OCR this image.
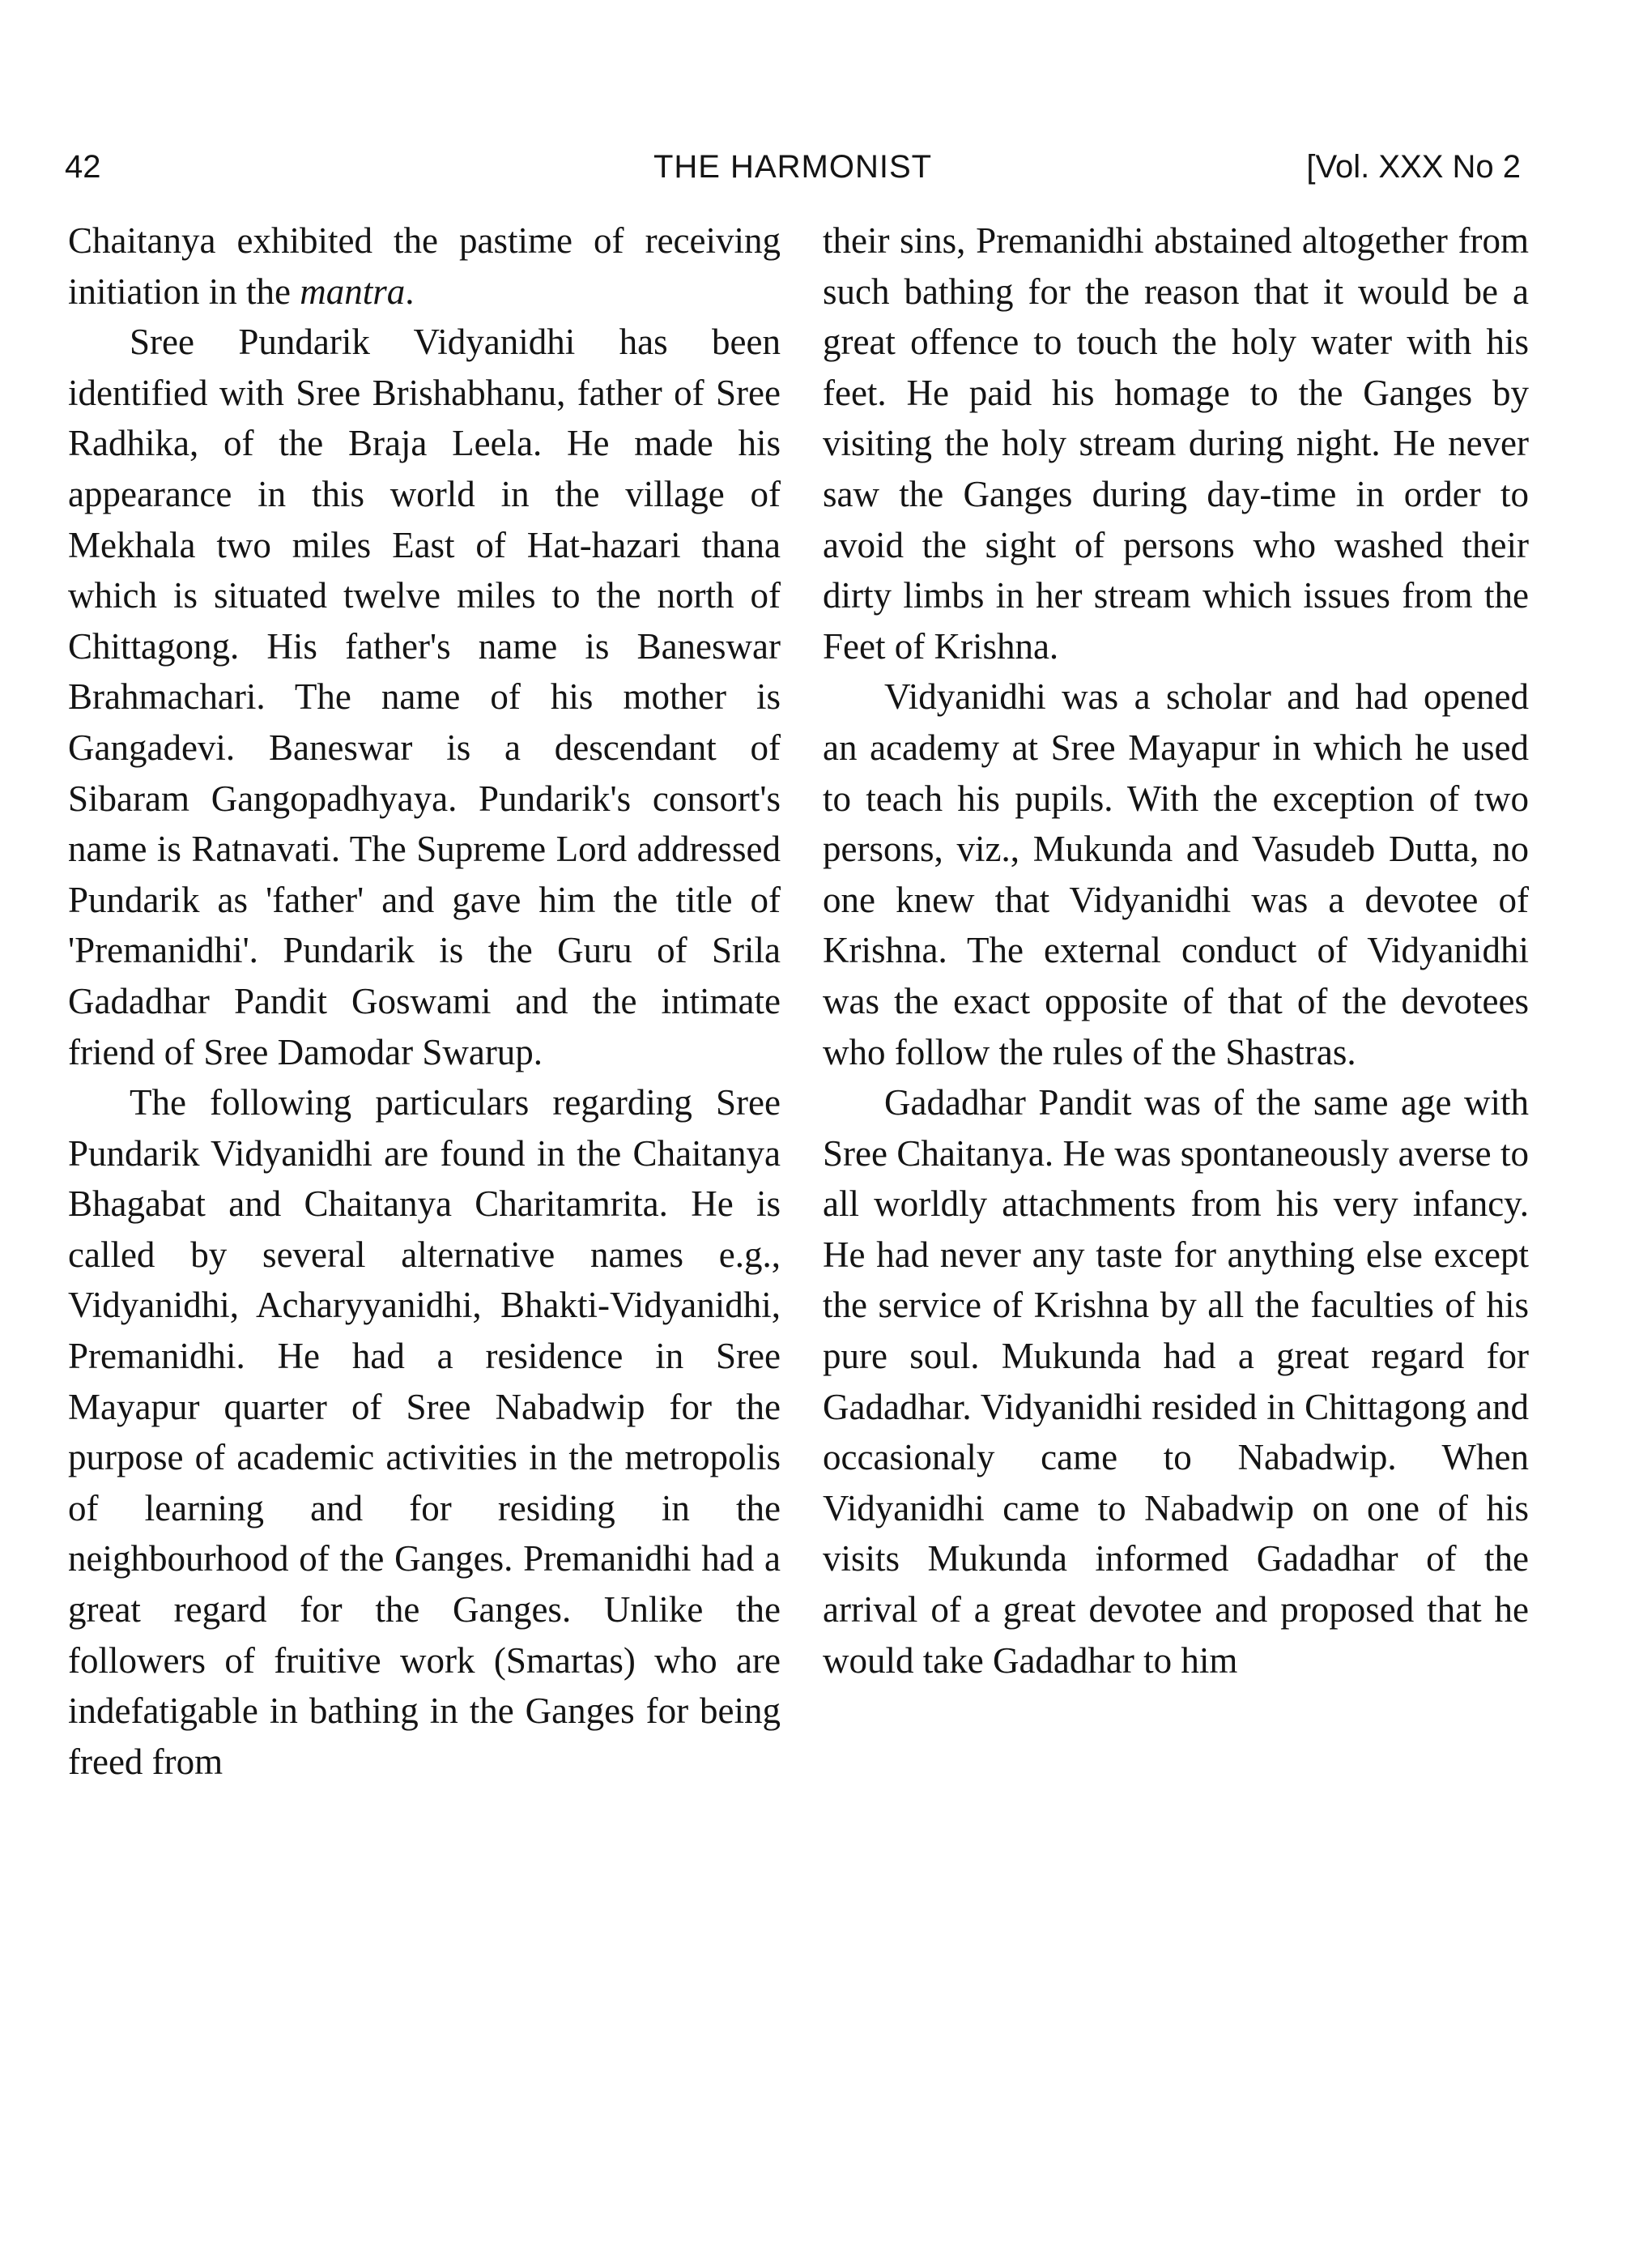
42	THE HARMONIST	[Vol. XXX No 2

Chaitanya exhibited the pastime of receiving initiation in the mantra.

Sree Pundarik Vidyanidhi has been identified with Sree Brishabhanu, father of Sree Radhika, of the Braja Leela. He made his appearance in this world in the village of Mekhala two miles East of Hat-hazari thana which is situated twelve miles to the north of Chittagong. His father's name is Baneswar Brahmachari. The name of his mother is Gangadevi. Baneswar is a descendant of Sibaram Gangopadhyaya. Pundarik's consort's name is Ratnavati. The Supreme Lord addressed Pundarik as 'father' and gave him the title of 'Premanidhi'. Pundarik is the Guru of Srila Gadadhar Pandit Goswami and the intimate friend of Sree Damodar Swarup.

The following particulars regarding Sree Pundarik Vidyanidhi are found in the Chaitanya Bhagabat and Chaitanya Charitamrita. He is called by several alternative names e.g., Vidyanidhi, Acharyyanidhi, Bhakti-Vidyanidhi, Premanidhi. He had a residence in Sree Mayapur quarter of Sree Nabadwip for the purpose of academic activities in the metropolis of learning and for residing in the neighbourhood of the Ganges. Premanidhi had a great regard for the Ganges. Unlike the followers of fruitive work (Smartas) who are indefatigable in bathing in the Ganges for being freed from

their sins, Premanidhi abstained altogether from such bathing for the reason that it would be a great offence to touch the holy water with his feet. He paid his homage to the Ganges by visiting the holy stream during night. He never saw the Ganges during day-time in order to avoid the sight of persons who washed their dirty limbs in her stream which issues from the Feet of Krishna.

Vidyanidhi was a scholar and had opened an academy at Sree Mayapur in which he used to teach his pupils. With the exception of two persons, viz., Mukunda and Vasudeb Dutta, no one knew that Vidyanidhi was a devotee of Krishna. The external conduct of Vidyanidhi was the exact opposite of that of the devotees who follow the rules of the Shastras.

Gadadhar Pandit was of the same age with Sree Chaitanya. He was spontaneously averse to all worldly attachments from his very infancy. He had never any taste for anything else except the service of Krishna by all the faculties of his pure soul. Mukunda had a great regard for Gadadhar. Vidyanidhi resided in Chittagong and occasionaly came to Nabadwip. When Vidyanidhi came to Nabadwip on one of his visits Mukunda informed Gadadhar of the arrival of a great devotee and proposed that he would take Gadadhar to him
